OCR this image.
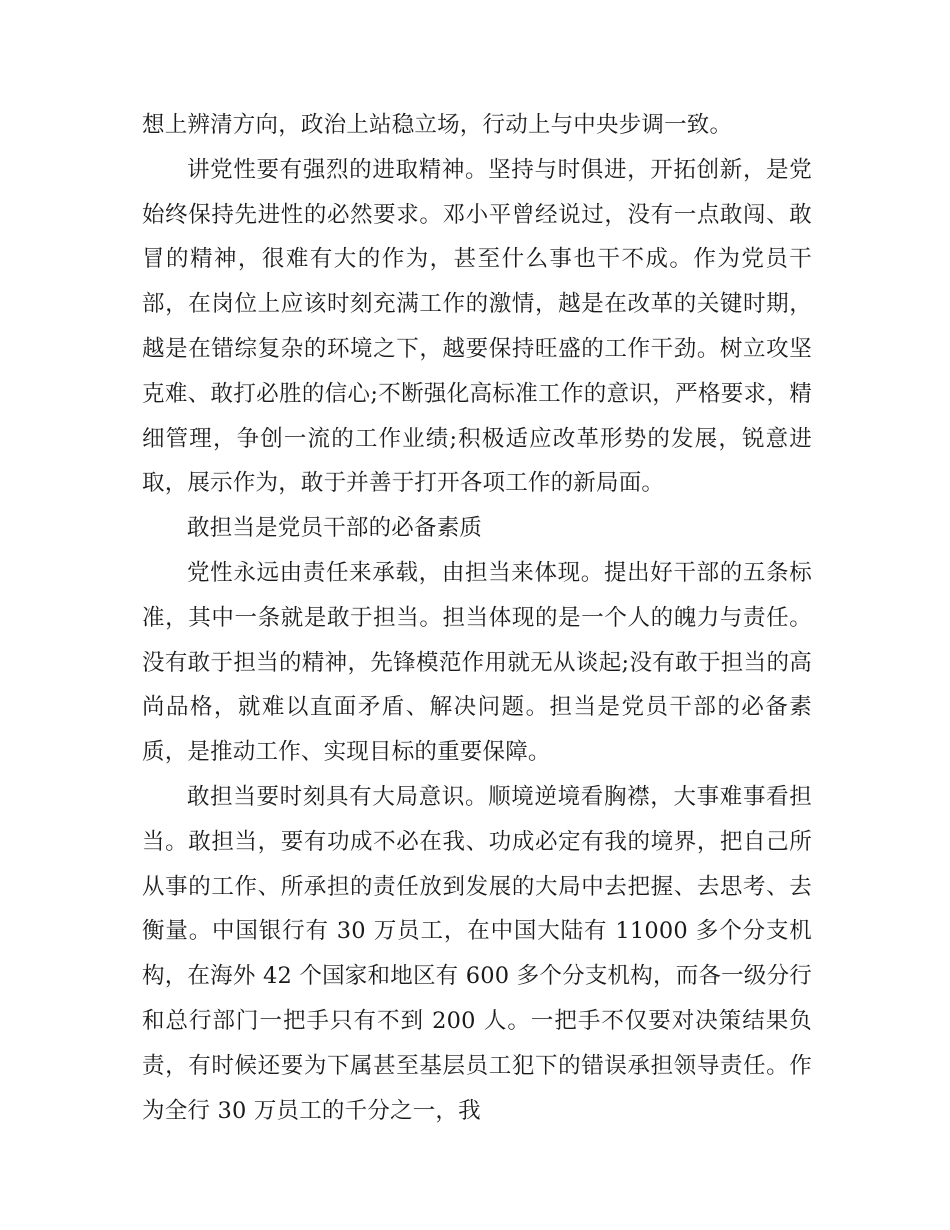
想上辨清方向，政治上站稳立场，行动上与中央步调一致。

讲党性要有强烈的进取精神。坚持与时俱进，开拓创新，是党始终保持先进性的必然要求。邓小平曾经说过，没有一点敢闯、敢冒的精神，很难有大的作为，甚至什么事也干不成。作为党员干部，在岗位上应该时刻充满工作的激情，越是在改革的关键时期，越是在错综复杂的环境之下，越要保持旺盛的工作干劲。树立攻坚克难、敢打必胜的信心;不断强化高标准工作的意识，严格要求，精细管理，争创一流的工作业绩;积极适应改革形势的发展，锐意进取，展示作为，敢于并善于打开各项工作的新局面。

敢担当是党员干部的必备素质

党性永远由责任来承载，由担当来体现。提出好干部的五条标准，其中一条就是敢于担当。担当体现的是一个人的魄力与责任。没有敢于担当的精神，先锋模范作用就无从谈起;没有敢于担当的高尚品格，就难以直面矛盾、解决问题。担当是党员干部的必备素质，是推动工作、实现目标的重要保障。

敢担当要时刻具有大局意识。顺境逆境看胸襟，大事难事看担当。敢担当，要有功成不必在我、功成必定有我的境界，把自己所从事的工作、所承担的责任放到发展的大局中去把握、去思考、去衡量。中国银行有 30 万员工，在中国大陆有 11000 多个分支机构，在海外 42 个国家和地区有 600 多个分支机构，而各一级分行和总行部门一把手只有不到 200 人。一把手不仅要对决策结果负责，有时候还要为下属甚至基层员工犯下的错误承担领导责任。作为全行 30 万员工的千分之一，我
